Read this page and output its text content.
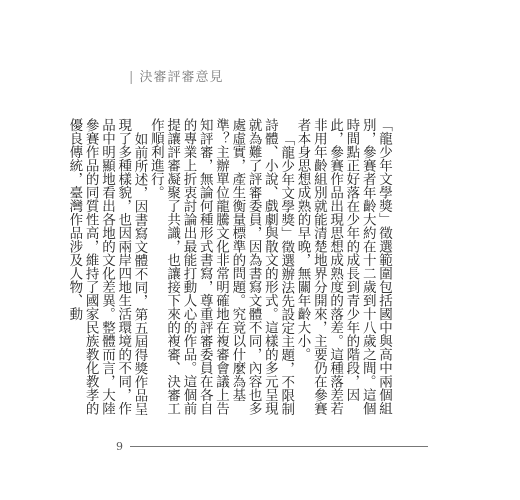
| 決審評審意見

「龍少年文學獎」徵選範圍包括國中與高中兩個組別，參賽者年齡大約在十二歲到十八歲之間。這個時間點正好落在少年的成長到青少年的階段，因此，參賽作品出現思想成熟度的落差。這種落差若非用年齡組別就能清楚地界分開來，主要仍在參賽者本身思想成熟的早晚，無關年齡大小。

「龍少年文學獎」徵選辦法先設定主題，不限制詩體、小說、戲劇與散文的形式。這樣的多元呈現就為難了評審委員，因為書寫文體不同，內容也多處虛實，產生衡量標準的問題。究竟以什麼為基準？主辦單位龍騰文化非常明確地在複審會議上告知評審，無論何種形式書寫，尊重評審委員在各自的專業上折衷討論出最能打動人心的作品。這個前提讓評審凝聚了共識，也讓接下來的複審、決審工作順利進行。

如前所述，因書寫文體不同，第五屆得獎作品呈現了多種樣貌，也因兩岸四地生活環境的不同，作品中明顯地看出各地的文化差異。整體而言，大陸參賽作品的同質性高，維持了國家民族教化教孝的優良傳統，臺灣作品涉及人物、動

9
